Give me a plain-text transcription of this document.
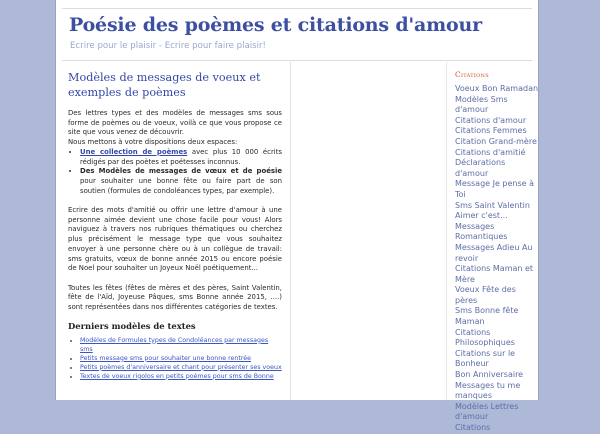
Poésie des poèmes et citations d'amour
Ecrire pour le plaisir - Ecrire pour faire plaisir!
Modèles de messages de voeux et exemples de poèmes

Des lettres types et des modèles de messages sms sous forme de poèmes ou de voeux, voilà ce que vous propose ce site que vous venez de découvrir.

Nous mettons à votre dispositions deux espaces:

• Une collection de poèmes avec plus 10 000 écrits rédigés par des poètes et poétesses inconnus.
• Des Modèles de messages de vœux et de poésie pour souhaiter une bonne fête ou faire part de son soutien (formules de condoléances types, par exemple).

Ecrire des mots d'amitié ou offrir une lettre d'amour à une personne aimée devient une chose facile pour vous! Alors naviguez à travers nos rubriques thématiques ou cherchez plus précisément le message type que vous souhaitez envoyer à une personne chère ou à un collègue de travail: sms gratuits, vœux de bonne année 2015 ou encore poésie de Noel pour souhaiter un Joyeux Noël poétiquement...

Toutes les fêtes (fêtes de mères et des pères, Saint Valentin, fête de l'Aïd, Joyeuse Pâques, sms Bonne année 2015, ....) sont représentées dans nos différentes catégories de textes.

Derniers modèles de textes
• Modèles de Formules types de Condoléances par messages sms
• Petits message sms pour souhaiter une bonne rentrée
• Petits poèmes d'anniversaire et chant pour présenter ses voeux
• Textes de voeux rigolos en petits poèmes pour sms de Bonne
Citations
Voeux Bon Ramadan
Modèles Sms d'amour
Citations d'amour
Citations Femmes
Citation Grand-mère
Citations d'amitié
Déclarations d'amour
Message Je pense à Toi
Sms Saint Valentin
Aimer c'est...
Messages Romantiques
Messages Adieu Au revoir
Citations Maman et Mère
Voeux Fête des pères
Sms Bonne fête Maman
Citations Philosophiques
Citations sur le Bonheur
Bon Anniversaire
Messages tu me manques
Modèles Lettres d'amour
Citations
